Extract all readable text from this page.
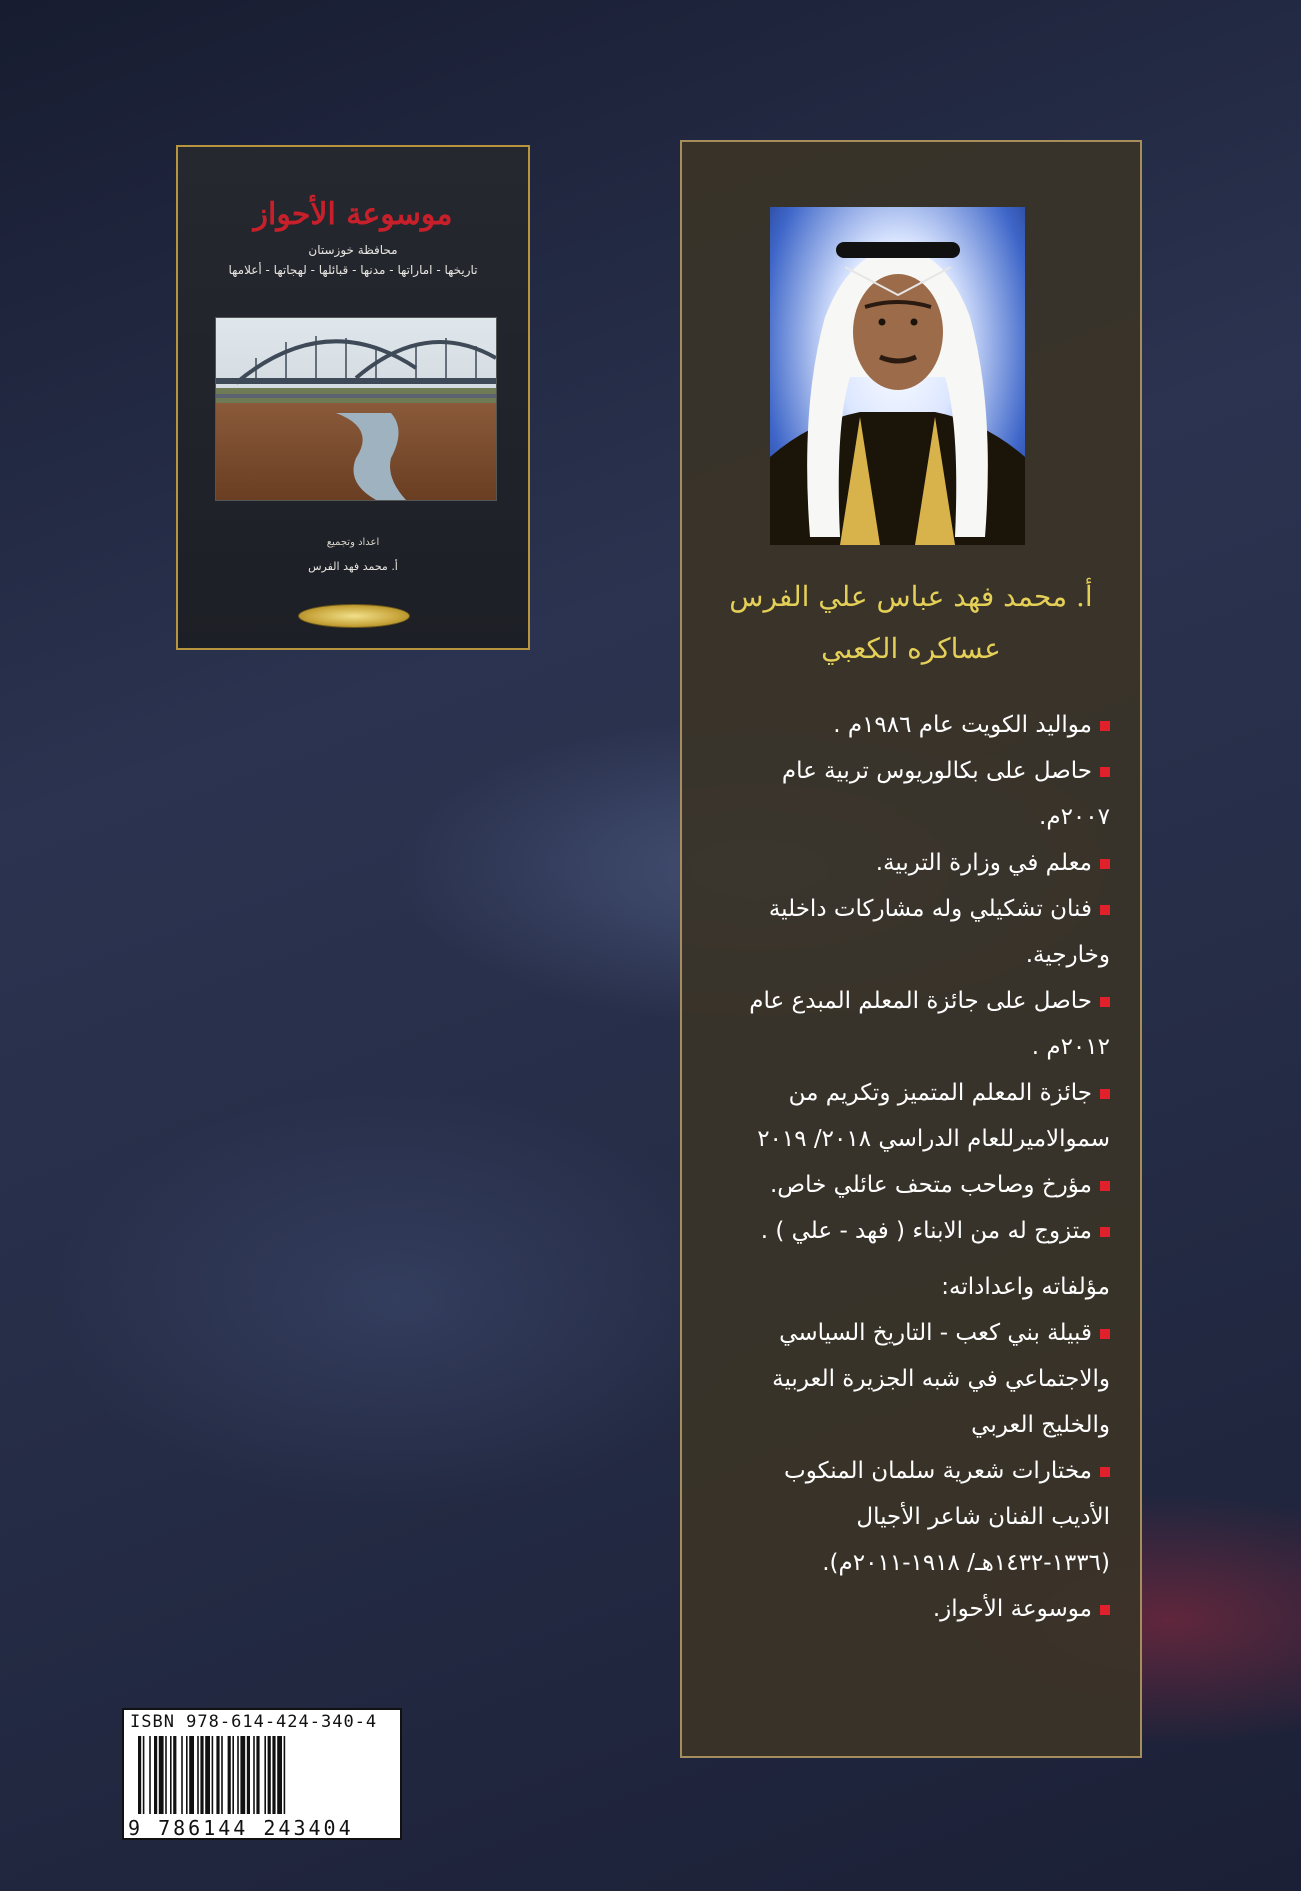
موسوعة الأحواز
محافظة خوزستان
تاريخها - اماراتها - مدنها - قبائلها - لهجاتها - أعلامها
اعداد وتجميع
أ. محمد فهد الفرس
أ. محمد فهد عباس علي الفرس
عساكره الكعبي
مواليد الكويت عام ١٩٨٦م .
حاصل على بكالوريوس تربية عام ٢٠٠٧م.
معلم في وزارة التربية.
فنان تشكيلي وله مشاركات داخلية وخارجية.
حاصل على جائزة المعلم المبدع عام ٢٠١٢م .
جائزة المعلم المتميز وتكريم من سموالاميرللعام الدراسي ٢٠١٨/ ٢٠١٩
مؤرخ وصاحب متحف عائلي خاص.
متزوج له من الابناء ( فهد - علي ) .
مؤلفاته واعداداته:
قبيلة بني كعب - التاريخ السياسي والاجتماعي في شبه الجزيرة العربية والخليج العربي
مختارات شعرية سلمان المنكوب الأديب الفنان شاعر الأجيال (١٣٣٦-١٤٣٢هـ/ ١٩١٨-٢٠١١م).
موسوعة الأحواز.
ISBN 978-614-424-340-4
9 786144 243404
